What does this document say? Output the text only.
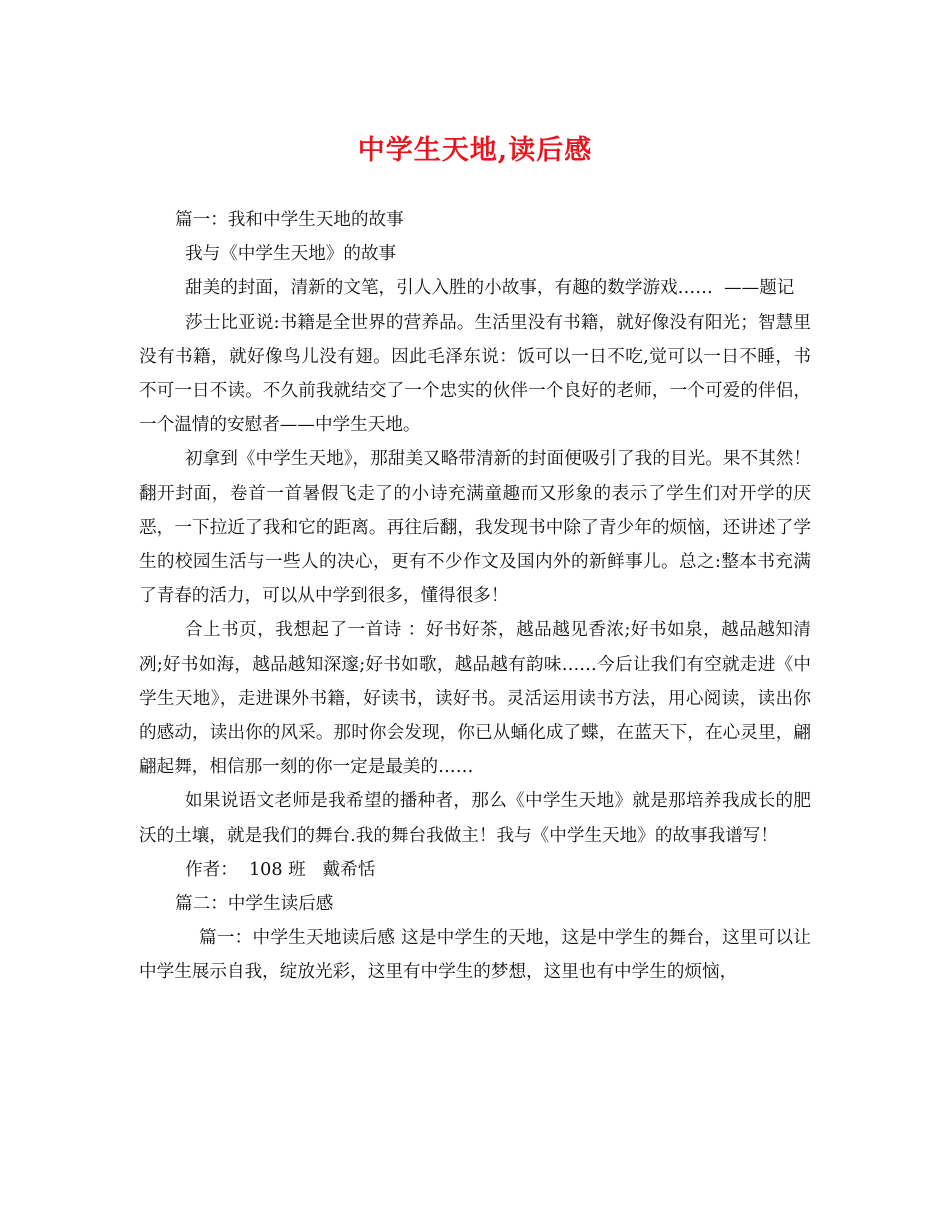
中学生天地,读后感

篇一：我和中学生天地的故事

我与《中学生天地》的故事

甜美的封面，清新的文笔，引人入胜的小故事，有趣的数学游戏……  ——题记

莎士比亚说:书籍是全世界的营养品。生活里没有书籍，就好像没有阳光；智慧里没有书籍，就好像鸟儿没有翅。因此毛泽东说：饭可以一日不吃,觉可以一日不睡，书不可一日不读。不久前我就结交了一个忠实的伙伴一个良好的老师，一个可爱的伴侣，一个温情的安慰者——中学生天地。

初拿到《中学生天地》，那甜美又略带清新的封面便吸引了我的目光。果不其然！翻开封面，卷首一首暑假飞走了的小诗充满童趣而又形象的表示了学生们对开学的厌恶，一下拉近了我和它的距离。再往后翻，我发现书中除了青少年的烦恼，还讲述了学生的校园生活与一些人的决心，更有不少作文及国内外的新鲜事儿。总之:整本书充满了青春的活力，可以从中学到很多，懂得很多！

合上书页，我想起了一首诗 ：好书好茶，越品越见香浓;好书如泉，越品越知清冽;好书如海，越品越知深邃;好书如歌，越品越有韵味……今后让我们有空就走进《中学生天地》，走进课外书籍，好读书，读好书。灵活运用读书方法，用心阅读，读出你的感动，读出你的风采。那时你会发现，你已从蛹化成了蝶，在蓝天下，在心灵里，翩翩起舞，相信那一刻的你一定是最美的……

如果说语文老师是我希望的播种者，那么《中学生天地》就是那培养我成长的肥沃的土壤，就是我们的舞台.我的舞台我做主！我与《中学生天地》的故事我谱写！

作者：  108 班   戴希恬

篇二：中学生读后感

篇一：中学生天地读后感 这是中学生的天地，这是中学生的舞台，这里可以让中学生展示自我，绽放光彩，这里有中学生的梦想，这里也有中学生的烦恼，
